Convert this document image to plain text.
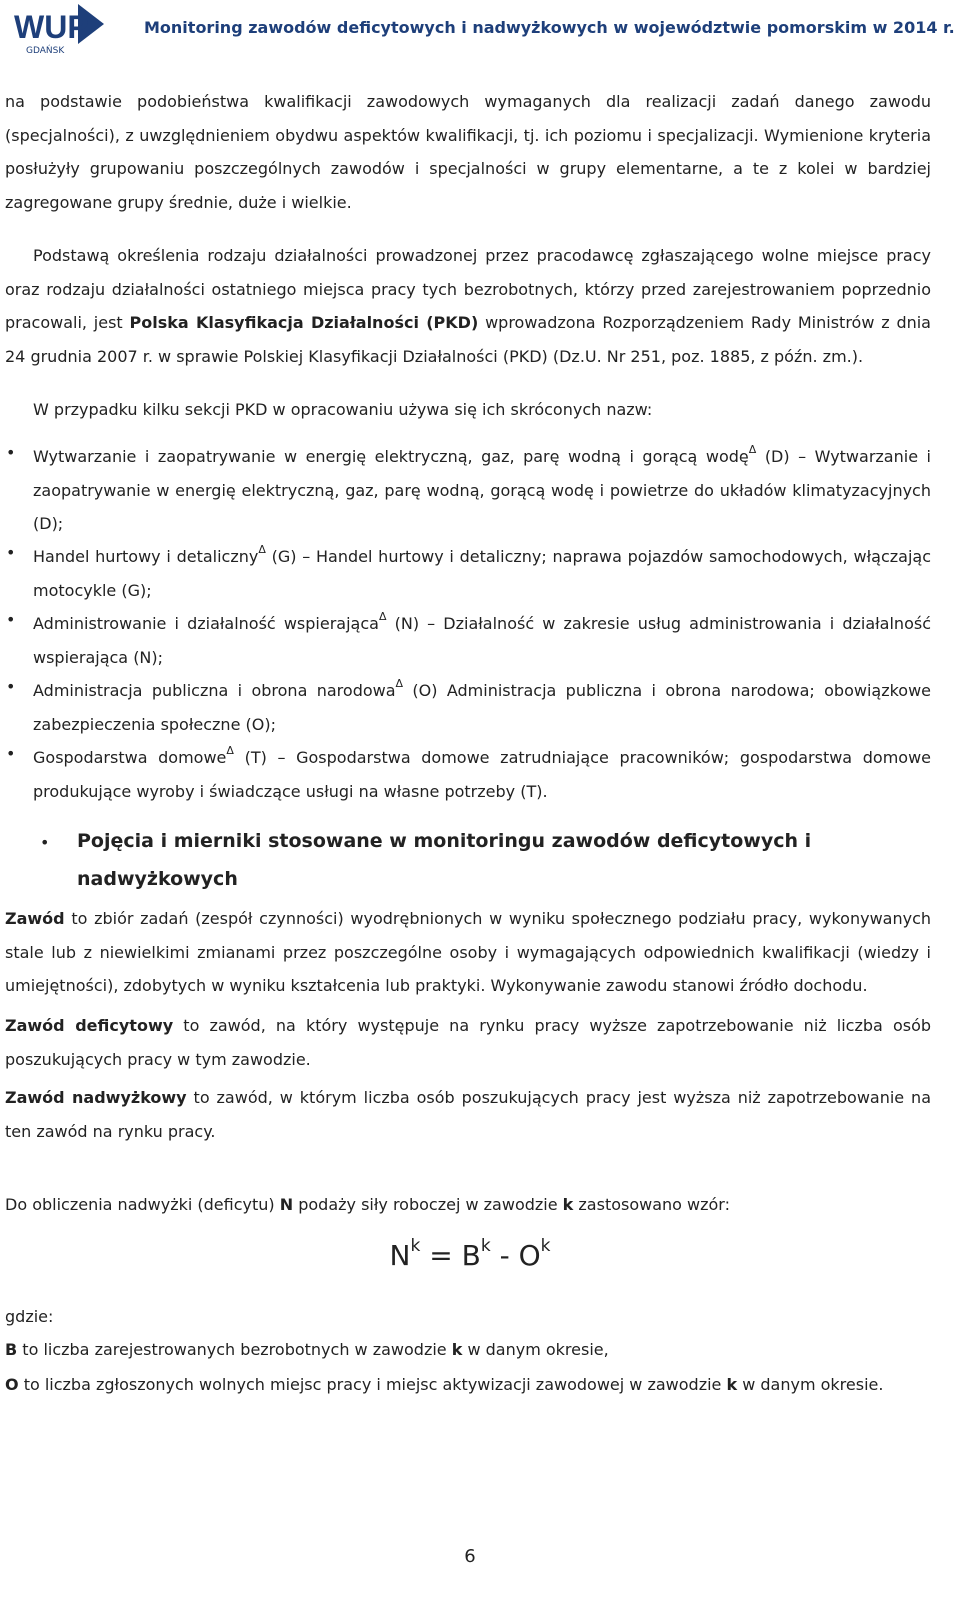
WUP
GDAŃSK
Monitoring zawodów deficytowych i nadwyżkowych w województwie pomorskim w 2014 r.
na podstawie podobieństwa kwalifikacji zawodowych wymaganych dla realizacji zadań danego zawodu (specjalności), z uwzględnieniem obydwu aspektów kwalifikacji, tj. ich poziomu i specjalizacji. Wymienione kryteria posłużyły grupowaniu poszczególnych zawodów i specjalności w grupy elementarne, a te z kolei w bardziej zagregowane grupy średnie, duże i wielkie.
Podstawą określenia rodzaju działalności prowadzonej przez pracodawcę zgłaszającego wolne miejsce pracy oraz rodzaju działalności ostatniego miejsca pracy tych bezrobotnych, którzy przed zarejestrowaniem poprzednio pracowali, jest Polska Klasyfikacja Działalności (PKD) wprowadzona Rozporządzeniem Rady Ministrów z dnia 24 grudnia 2007 r. w sprawie Polskiej Klasyfikacji Działalności (PKD) (Dz.U. Nr 251, poz. 1885, z późn. zm.).
W przypadku kilku sekcji PKD w opracowaniu używa się ich skróconych nazw:
• Wytwarzanie i zaopatrywanie w energię elektryczną, gaz, parę wodną i gorącą wodę$^\Delta$ (D) – Wytwarzanie i zaopatrywanie w energię elektryczną, gaz, parę wodną, gorącą wodę i powietrze do układów klimatyzacyjnych (D);
• Handel hurtowy i detaliczny$^\Delta$ (G) – Handel hurtowy i detaliczny; naprawa pojazdów samochodowych, włączając motocykle (G);
• Administrowanie i działalność wspierająca$^\Delta$ (N) – Działalność w zakresie usług administrowania i działalność wspierająca (N);
• Administracja publiczna i obrona narodowa$^\Delta$ (O) Administracja publiczna i obrona narodowa; obowiązkowe zabezpieczenia społeczne (O);
• Gospodarstwa domowe$^\Delta$ (T) – Gospodarstwa domowe zatrudniające pracowników; gospodarstwa domowe produkujące wyroby i świadczące usługi na własne potrzeby (T).
• Pojęcia i mierniki stosowane w monitoringu zawodów deficytowych i nadwyżkowych
Zawód to zbiór zadań (zespół czynności) wyodrębnionych w wyniku społecznego podziału pracy, wykonywanych stale lub z niewielkimi zmianami przez poszczególne osoby i wymagających odpowiednich kwalifikacji (wiedzy i umiejętności), zdobytych w wyniku kształcenia lub praktyki. Wykonywanie zawodu stanowi źródło dochodu.
Zawód deficytowy to zawód, na który występuje na rynku pracy wyższe zapotrzebowanie niż liczba osób poszukujących pracy w tym zawodzie.
Zawód nadwyżkowy to zawód, w którym liczba osób poszukujących pracy jest wyższa niż zapotrzebowanie na ten zawód na rynku pracy.
Do obliczenia nadwyżki (deficytu) N podaży siły roboczej w zawodzie k zastosowano wzór:
$N^k = B^k - O^k$
gdzie:
B to liczba zarejestrowanych bezrobotnych w zawodzie k w danym okresie,
O to liczba zgłoszonych wolnych miejsc pracy i miejsc aktywizacji zawodowej w zawodzie k w danym okresie.
6
